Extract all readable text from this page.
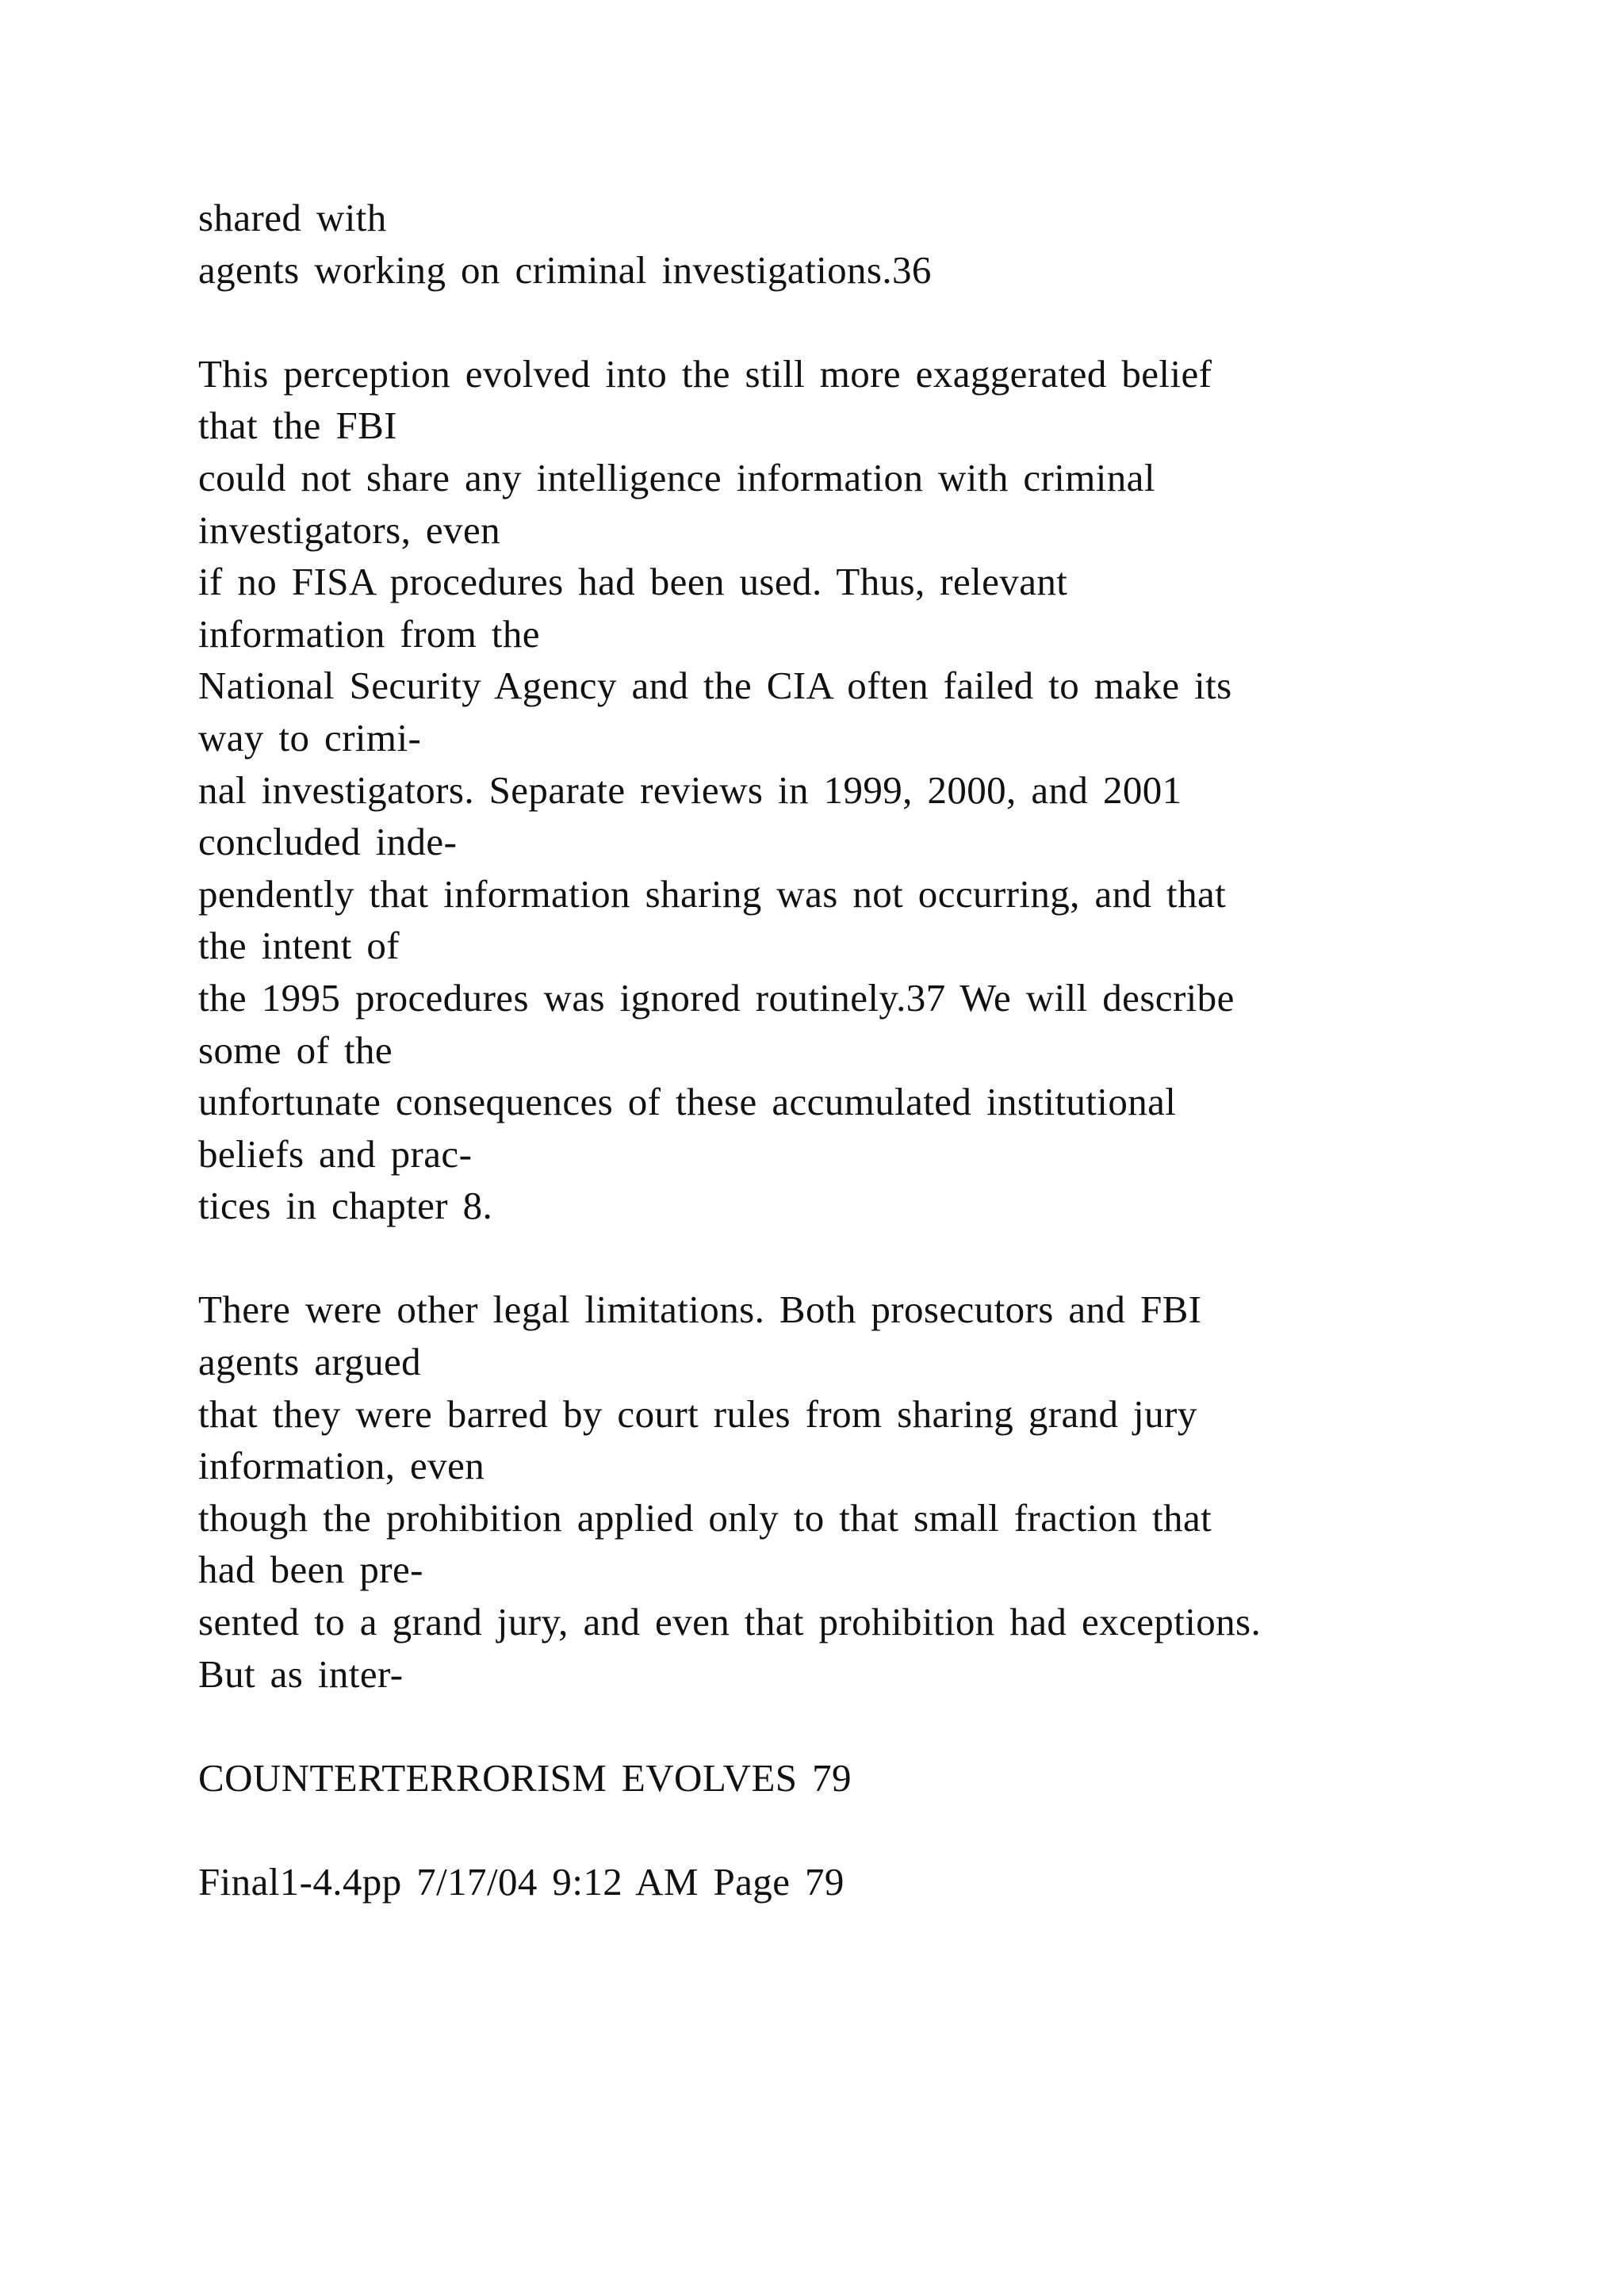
shared with
agents working on criminal investigations.36
This perception evolved into the still more exaggerated belief
that the FBI
could not share any intelligence information with criminal
investigators, even
if no FISA procedures had been used. Thus, relevant
information from the
National Security Agency and the CIA often failed to make its
way to crimi-
nal investigators. Separate reviews in 1999, 2000, and 2001
concluded inde-
pendently that information sharing was not occurring, and that
the intent of
the 1995 procedures was ignored routinely.37 We will describe
some of the
unfortunate consequences of these accumulated institutional
beliefs and prac-
tices in chapter 8.
There were other legal limitations. Both prosecutors and FBI
agents argued
that they were barred by court rules from sharing grand jury
information, even
though the prohibition applied only to that small fraction that
had been pre-
sented to a grand jury, and even that prohibition had exceptions.
But as inter-
COUNTERTERRORISM EVOLVES 79
Final1-4.4pp 7/17/04 9:12 AM Page 79
